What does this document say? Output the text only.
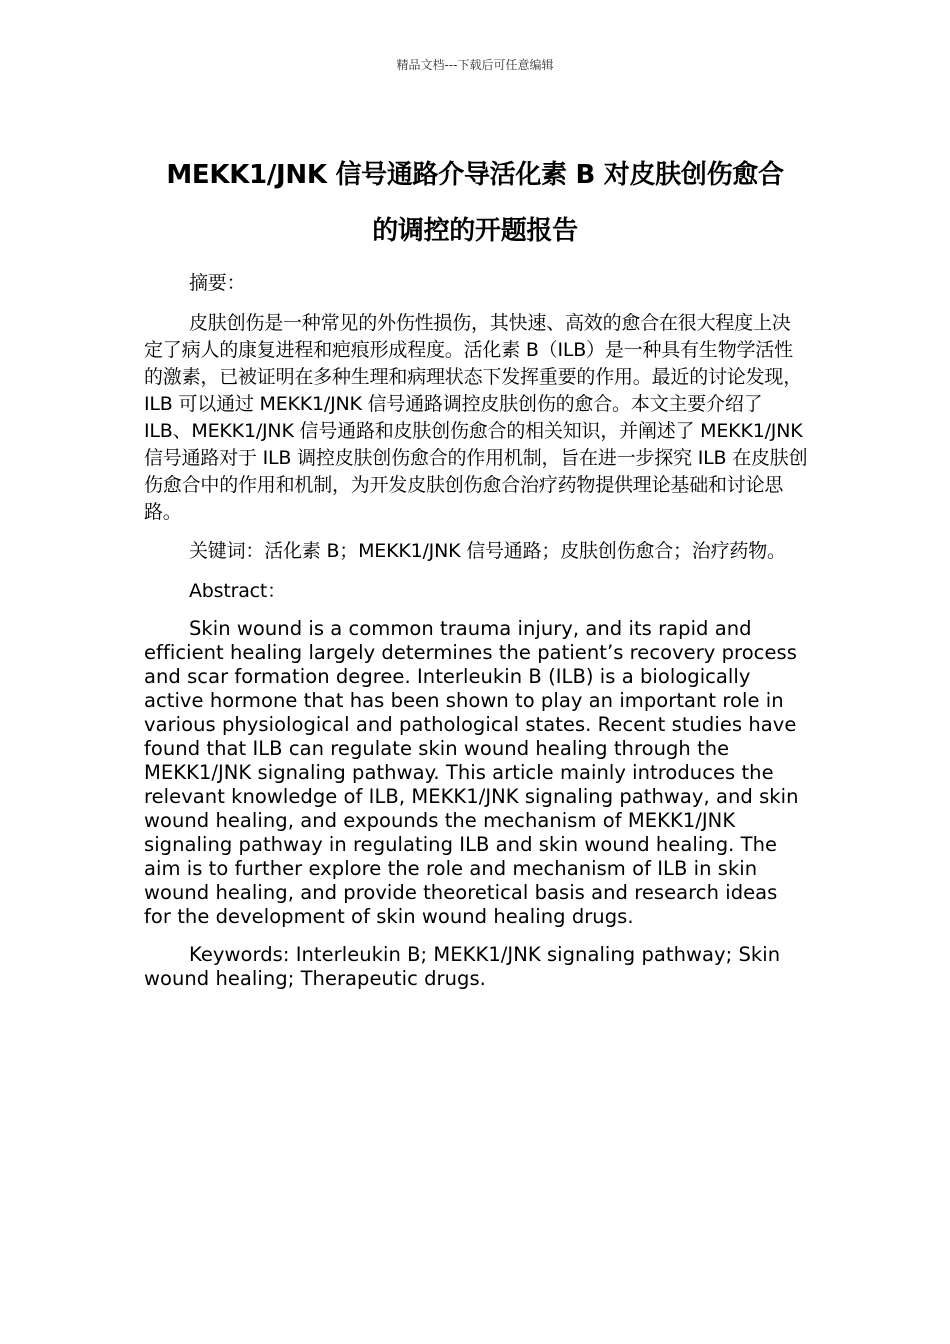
精品文档---下载后可任意编辑
MEKK1/JNK 信号通路介导活化素 B 对皮肤创伤愈合
的调控的开题报告

摘要：

皮肤创伤是一种常见的外伤性损伤，其快速、高效的愈合在很大程度上决定了病人的康复进程和疤痕形成程度。活化素 B（ILB）是一种具有生物学活性的激素，已被证明在多种生理和病理状态下发挥重要的作用。最近的讨论发现，ILB 可以通过 MEKK1/JNK 信号通路调控皮肤创伤的愈合。本文主要介绍了 ILB、MEKK1/JNK 信号通路和皮肤创伤愈合的相关知识，并阐述了 MEKK1/JNK 信号通路对于 ILB 调控皮肤创伤愈合的作用机制，旨在进一步探究 ILB 在皮肤创伤愈合中的作用和机制，为开发皮肤创伤愈合治疗药物提供理论基础和讨论思路。

关键词：活化素 B；MEKK1/JNK 信号通路；皮肤创伤愈合；治疗药物。

Abstract：

Skin wound is a common trauma injury, and its rapid and efficient healing largely determines the patient’s recovery process and scar formation degree. Interleukin B (ILB) is a biologically active hormone that has been shown to play an important role in various physiological and pathological states. Recent studies have found that ILB can regulate skin wound healing through the MEKK1/JNK signaling pathway. This article mainly introduces the relevant knowledge of ILB, MEKK1/JNK signaling pathway, and skin wound healing, and expounds the mechanism of MEKK1/JNK signaling pathway in regulating ILB and skin wound healing. The aim is to further explore the role and mechanism of ILB in skin wound healing, and provide theoretical basis and research ideas for the development of skin wound healing drugs.

Keywords: Interleukin B; MEKK1/JNK signaling pathway; Skin wound healing; Therapeutic drugs.
